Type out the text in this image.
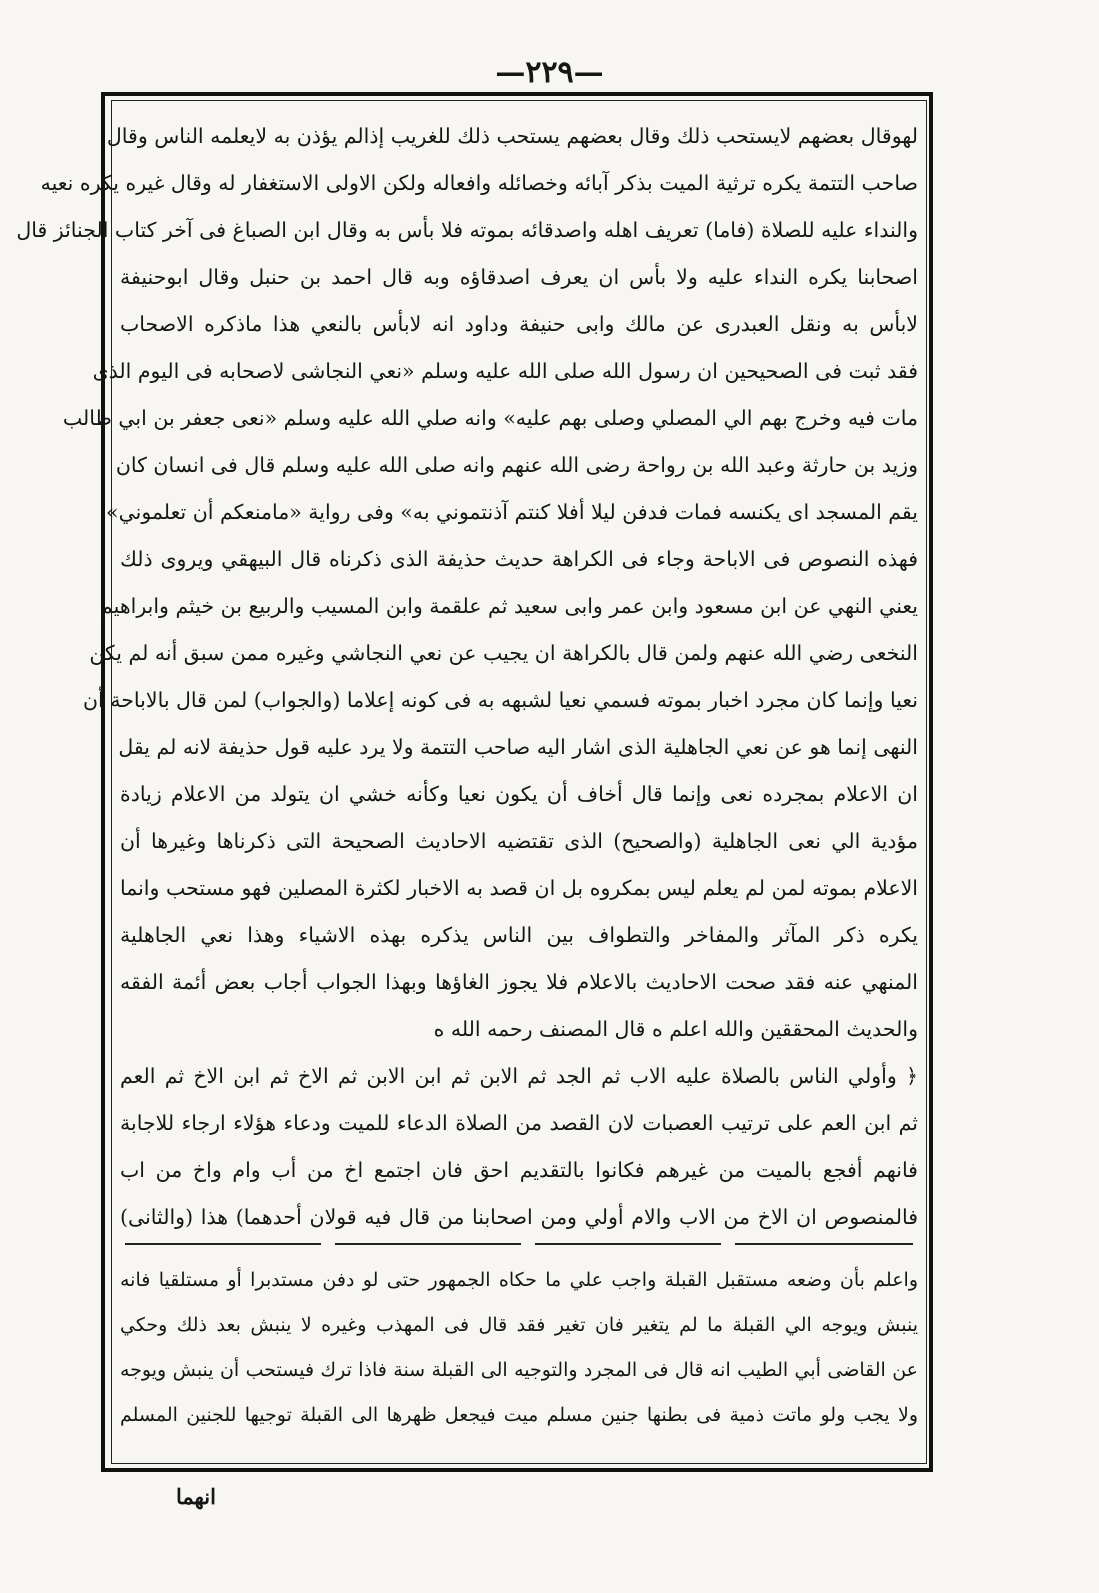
—٢٢٩—
لهوقال بعضهم لايستحب ذلك وقال بعضهم يستحب ذلك للغريب إذالم يؤذن به لايعلمه الناس وقال
صاحب التتمة يكره ترثية الميت بذكر آبائه وخصائله وافعاله ولكن الاولى الاستغفار له وقال غيره يكره نعيه
والنداء عليه للصلاة (فاما) تعريف اهله واصدقائه بموته فلا بأس به وقال ابن الصباغ فى آخر كتاب الجنائز قال
اصحابنا يكره النداء عليه ولا بأس ان يعرف اصدقاؤه وبه قال احمد بن حنبل وقال ابوحنيفة
لابأس به ونقل العبدرى عن مالك وابى حنيفة وداود انه لابأس بالنعي هذا ماذكره الاصحاب
فقد ثبت فى الصحيحين ان رسول الله صلى الله عليه وسلم «نعي النجاشى لاصحابه فى اليوم الذى
مات فيه وخرج بهم الي المصلي وصلى بهم عليه» وانه صلي الله عليه وسلم «نعى جعفر بن ابي طالب
وزيد بن حارثة وعبد الله بن رواحة رضى الله عنهم وانه صلى الله عليه وسلم قال فى انسان كان
يقم المسجد اى يكنسه فمات فدفن ليلا أفلا كنتم آذنتموني به» وفى رواية «مامنعكم أن تعلموني»
فهذه النصوص فى الاباحة وجاء فى الكراهة حديث حذيفة الذى ذكرناه قال البيهقي ويروى ذلك
يعني النهي عن ابن مسعود وابن عمر وابى سعيد ثم علقمة وابن المسيب والربيع بن خيثم وابراهيم
النخعى رضي الله عنهم ولمن قال بالكراهة ان يجيب عن نعي النجاشي وغيره ممن سبق أنه لم يكن
نعيا وإنما كان مجرد اخبار بموته فسمي نعيا لشبهه به فى كونه إعلاما (والجواب) لمن قال بالاباحة أن
النهى إنما هو عن نعي الجاهلية الذى اشار اليه صاحب التتمة ولا يرد عليه قول حذيفة لانه لم يقل
ان الاعلام بمجرده نعى وإنما قال أخاف أن يكون نعيا وكأنه خشي ان يتولد من الاعلام زيادة
مؤدية الي نعى الجاهلية (والصحيح) الذى تقتضيه الاحاديث الصحيحة التى ذكرناها وغيرها أن
الاعلام بموته لمن لم يعلم ليس بمكروه بل ان قصد به الاخبار لكثرة المصلين فهو مستحب وانما
يكره ذكر المآثر والمفاخر والتطواف بين الناس يذكره بهذه الاشياء وهذا نعي الجاهلية
المنهي عنه فقد صحت الاحاديث بالاعلام فلا يجوز الغاؤها وبهذا الجواب أجاب بعض أئمة الفقه
والحديث المحققين والله اعلم ه قال المصنف رحمه الله ه
﴿ وأولي الناس بالصلاة عليه الاب ثم الجد ثم الابن ثم ابن الابن ثم الاخ ثم ابن الاخ ثم العم
ثم ابن العم على ترتيب العصبات لان القصد من الصلاة الدعاء للميت ودعاء هؤلاء ارجاء للاجابة
فانهم أفجع بالميت من غيرهم فكانوا بالتقديم احق فان اجتمع اخ من أب وام واخ من اب
فالمنصوص ان الاخ من الاب والام أولي ومن اصحابنا من قال فيه قولان أحدهما) هذا (والثانى)
واعلم بأن وضعه مستقبل القبلة واجب علي ما حكاه الجمهور حتى لو دفن مستدبرا أو مستلقيا فانه
ينبش ويوجه الي القبلة ما لم يتغير فان تغير فقد قال فى المهذب وغيره لا ينبش بعد ذلك وحكي
عن القاضى أبي الطيب انه قال فى المجرد والتوجيه الى القبلة سنة فاذا ترك فيستحب أن ينبش ويوجه
ولا يجب ولو ماتت ذمية فى بطنها جنين مسلم ميت فيجعل ظهرها الى القبلة توجيها للجنين المسلم
انهما
